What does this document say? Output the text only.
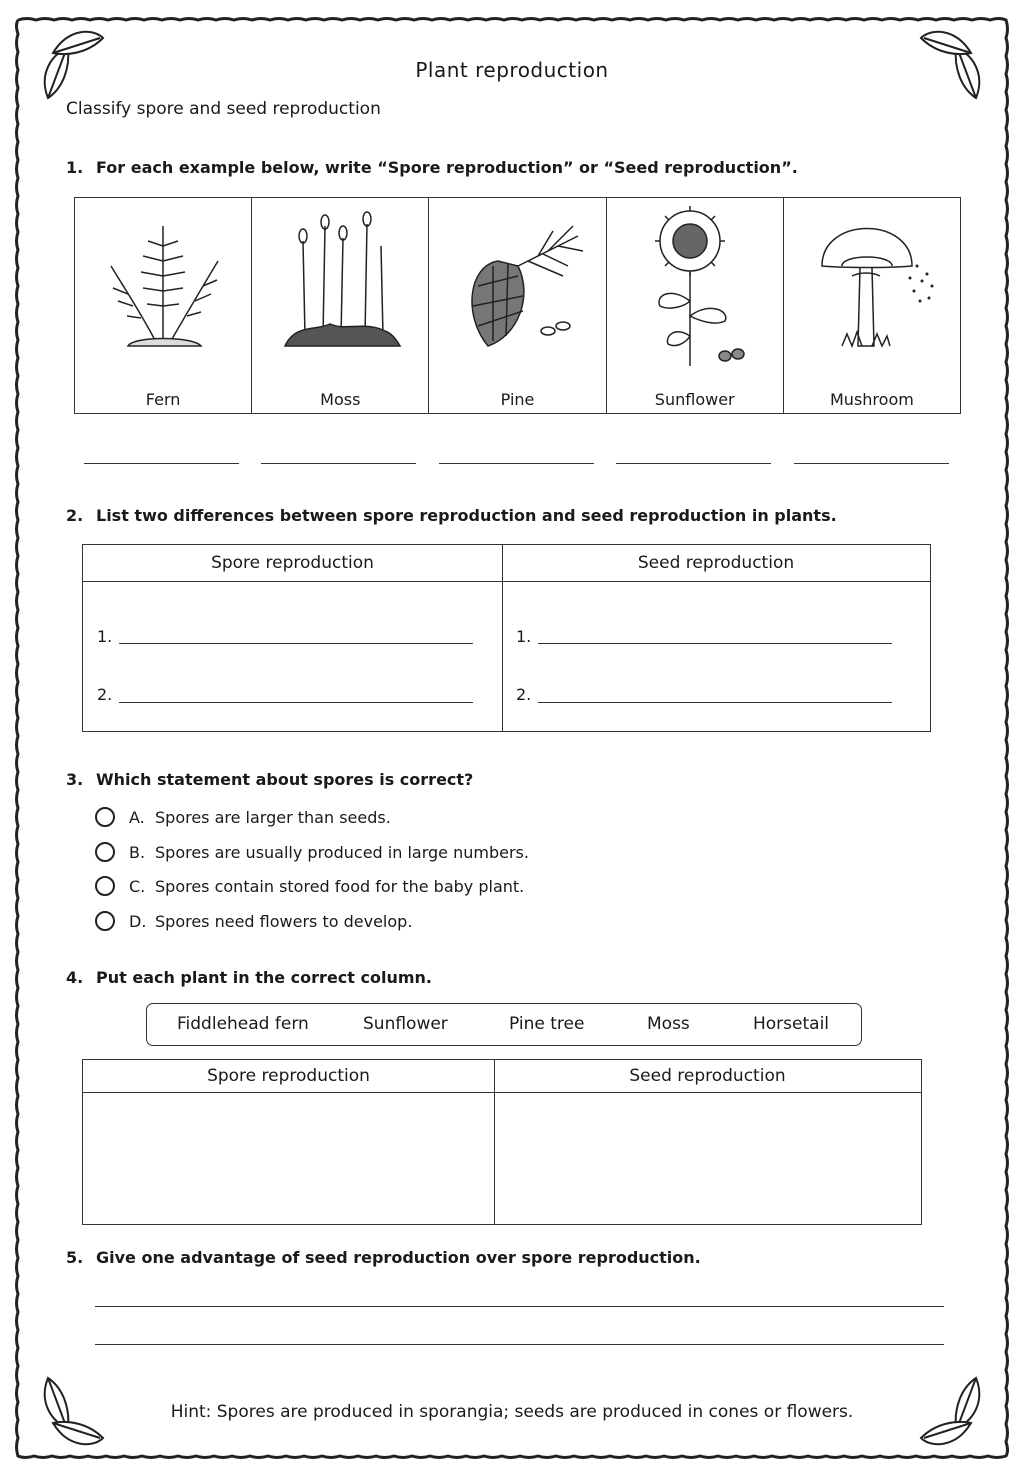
Plant reproduction
Classify spore and seed reproduction
1. For each example below, write “Spore reproduction” or “Seed reproduction”.
Fern	Moss	Pine	Sunflower	Mushroom
2. List two differences between spore reproduction and seed reproduction in plants.
Spore reproduction	Seed reproduction
1.
2.
1.
2.
3. Which statement about spores is correct?
A. Spores are larger than seeds.
B. Spores are usually produced in large numbers.
C. Spores contain stored food for the baby plant.
D. Spores need flowers to develop.
4. Put each plant in the correct column.
Fiddlehead fern	Sunflower	Pine tree	Moss	Horsetail
Spore reproduction	Seed reproduction
5. Give one advantage of seed reproduction over spore reproduction.
Hint: Spores are produced in sporangia; seeds are produced in cones or flowers.
